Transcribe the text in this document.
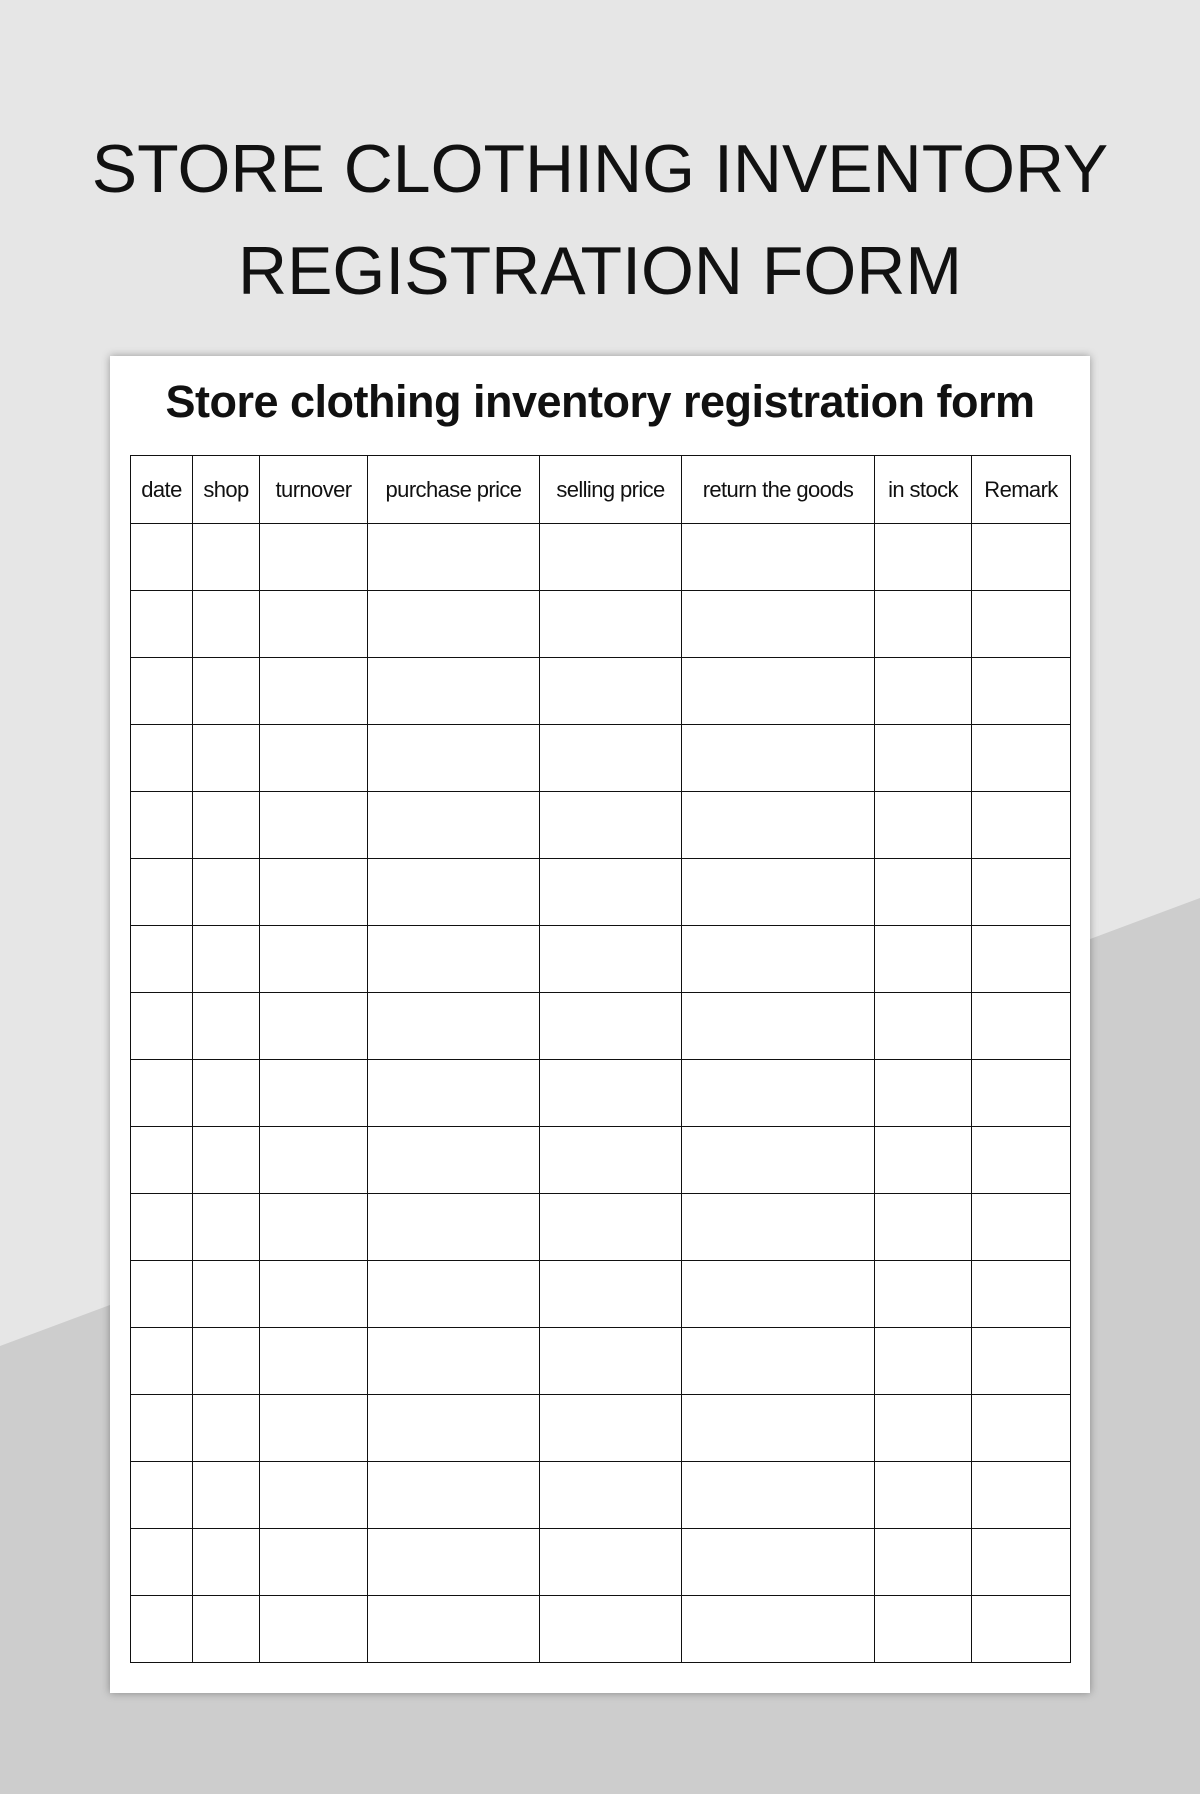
STORE CLOTHING INVENTORY
REGISTRATION FORM
Store clothing inventory registration form
date	shop	turnover	purchase price	selling price	return the goods	in stock	Remark
